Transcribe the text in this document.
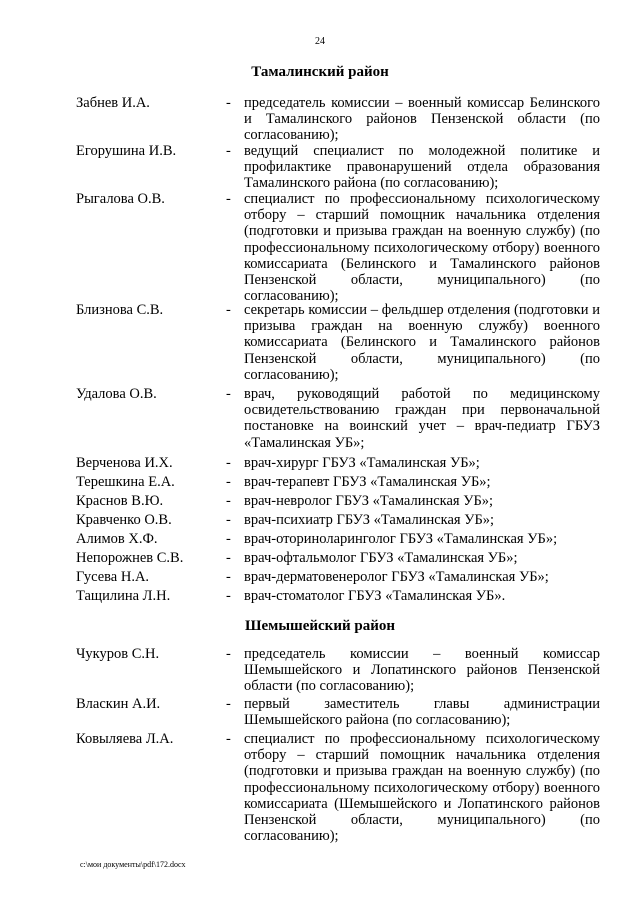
24
Тамалинский район
Забнев И.А.	- председатель комиссии – военный комиссар Белинского и Тамалинского районов Пензенской области (по согласованию);
Егорушина И.В.	- ведущий специалист по молодежной политике и профилактике правонарушений отдела образования Тамалинского района (по согласованию);
Рыгалова О.В.	- специалист по профессиональному психологическому отбору – старший помощник начальника отделения (подготовки и призыва граждан на военную службу) (по профессиональному психологическому отбору) военного комиссариата (Белинского и Тамалинского районов Пензенской области, муниципального) (по согласованию);
Близнова С.В.	- секретарь комиссии – фельдшер отделения (подготовки и призыва граждан на военную службу) военного комиссариата (Белинского и Тамалинского районов Пензенской области, муниципального) (по согласованию);
Удалова О.В.	- врач, руководящий работой по медицинскому освидетельствованию граждан при первоначальной постановке на воинский учет – врач-педиатр ГБУЗ «Тамалинская УБ»;
Верченова И.Х.	- врач-хирург ГБУЗ «Тамалинская УБ»;
Терешкина Е.А.	- врач-терапевт ГБУЗ «Тамалинская УБ»;
Краснов В.Ю.	- врач-невролог ГБУЗ «Тамалинская УБ»;
Кравченко О.В.	- врач-психиатр ГБУЗ «Тамалинская УБ»;
Алимов Х.Ф.	- врач-оториноларинголог ГБУЗ «Тамалинская УБ»;
Непорожнев С.В.	- врач-офтальмолог ГБУЗ «Тамалинская УБ»;
Гусева Н.А.	- врач-дерматовенеролог ГБУЗ «Тамалинская УБ»;
Тащилина Л.Н.	- врач-стоматолог ГБУЗ «Тамалинская УБ».
Шемышейский район
Чукуров С.Н.	- председатель комиссии – военный комиссар Шемышейского и Лопатинского районов Пензенской области (по согласованию);
Власкин А.И.	- первый заместитель главы администрации Шемышейского района (по согласованию);
Ковыляева Л.А.	- специалист по профессиональному психологическому отбору – старший помощник начальника отделения (подготовки и призыва граждан на военную службу) (по профессиональному психологическому отбору) военного комиссариата (Шемышейского и Лопатинского районов Пензенской области, муниципального) (по согласованию);
c:\мои документы\pdf\172.docx
